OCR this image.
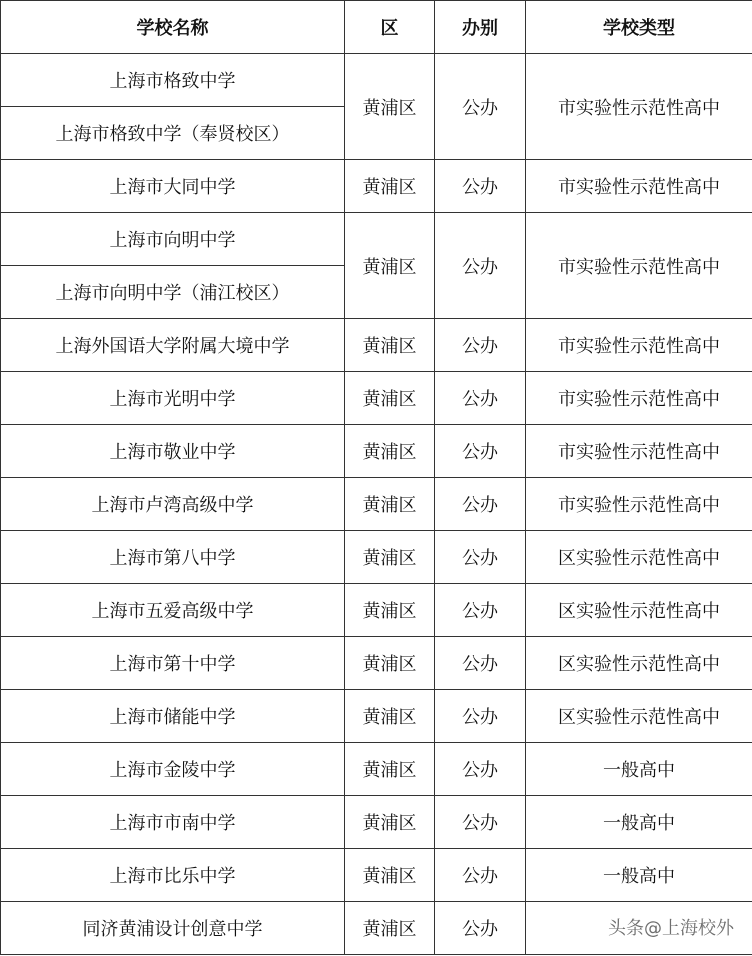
学校名称	区	办别	学校类型
上海市格致中学	黄浦区	公办	市实验性示范性高中
上海市格致中学（奉贤校区）			
上海市大同中学	黄浦区	公办	市实验性示范性高中
上海市向明中学	黄浦区	公办	市实验性示范性高中
上海市向明中学（浦江校区）			
上海外国语大学附属大境中学	黄浦区	公办	市实验性示范性高中
上海市光明中学	黄浦区	公办	市实验性示范性高中
上海市敬业中学	黄浦区	公办	市实验性示范性高中
上海市卢湾高级中学	黄浦区	公办	市实验性示范性高中
上海市第八中学	黄浦区	公办	区实验性示范性高中
上海市五爱高级中学	黄浦区	公办	区实验性示范性高中
上海市第十中学	黄浦区	公办	区实验性示范性高中
上海市储能中学	黄浦区	公办	区实验性示范性高中
上海市金陵中学	黄浦区	公办	一般高中
上海市市南中学	黄浦区	公办	一般高中
上海市比乐中学	黄浦区	公办	一般高中
同济黄浦设计创意中学	黄浦区	公办		头条@上海校外
